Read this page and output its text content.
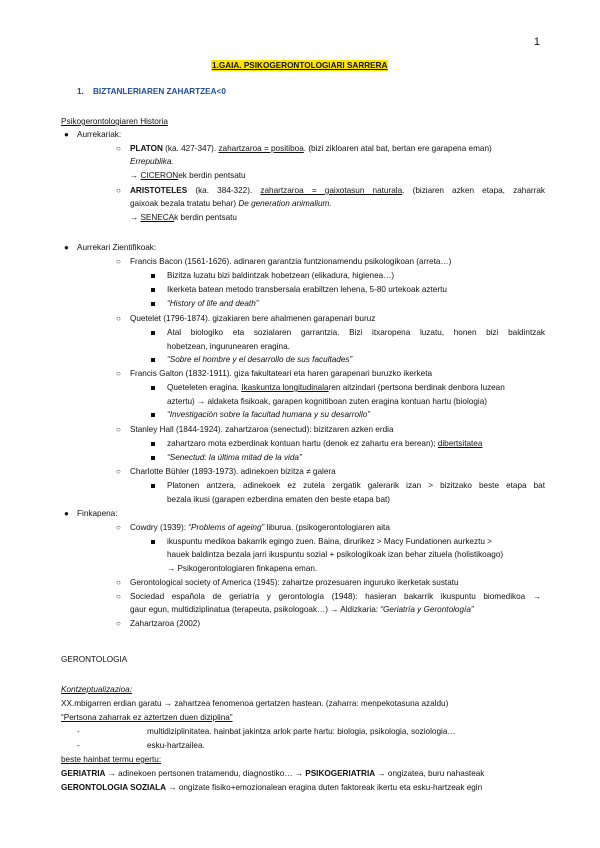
1
1.GAIA. PSIKOGERONTOLOGIARI SARRERA
1. BIZTANLERIAREN ZAHARTZEA<0
Psikogerontologiaren Historia
● Aurrekariak:
○ PLATON (ka. 427-347). zahartzaroa = positiboa. (bizi zikloaren atal bat, bertan ere garapena eman)
Errepublika.
→ CICERONek berdin pentsatu
○ ARISTOTELES (ka. 384-322). zahartzaroa = gaixotasun naturala. (biziaren azken etapa, zaharrak
gaixoak bezala tratatu behar) De generation animalium.
→ SENECAk berdin pentsatu
● Aurrekari Zientifikoak:
○ Francis Bacon (1561-1626). adinaren garantzia funtzionamendu psikologikoan (arreta…)
Bizitza luzatu bizi baldintzak hobetzean (elikadura, higienea…)
Ikerketa batean metodo transbersala erabiltzen lehena, 5-80 urtekoak aztertu
“History of life and death”
○ Quetelet (1796-1874). gizakiaren bere ahalmenen garapenari buruz
Atal biologiko eta sozialaren garrantzia. Bizi itxaropena luzatu, honen bizi baldintzak
hobetzean, ingurunearen eragina.
“Sobre el hombre y el desarrollo de sus facultades”
○ Francis Galton (1832-1911). giza fakultateari eta haren garapenari buruzko ikerketa
Queteleten eragina. Ikaskuntza longitudinalaren aitzindari (pertsona berdinak denbora luzean
aztertu) → aldaketa fisikoak, garapen kognitiboan zuten eragina kontuan hartu (biologia)
“Investigación sobre la facultad humana y su desarrollo”
○ Stanley Hall (1844-1924). zahartzaroa (senectud): bizitzaren azken erdia
zahartzaro mota ezberdinak kontuan hartu (denok ez zahartu era berean); dibertsitatea
“Senectud: la última mitad de la vida”
○ Charlotte Bühler (1893-1973). adinekoen bizitza ≠ galera
Platonen antzera, adinekoek ez zutela zergatik galerarik izan > bizitzako beste etapa bat
bezala ikusi (garapen ezberdina ematen den beste etapa bat)
● Finkapena:
○ Cowdry (1939): “Problems of ageing” liburua. (psikogerontologiaren aita
ikuspuntu medikoa bakarrik egingo zuen. Baina, dirurikez > Macy Fundationen aurkeztu >
hauek baldintza bezala jarri ikuspuntu sozial + psikologikoak izan behar zituela (holistikoago)
→ Psikogerontologiaren finkapena eman.
○ Gerontological society of America (1945): zahartze prozesuaren inguruko ikerketak sustatu
○ Sociedad española de geriatría y gerontología (1948): hasieran bakarrik ikuspuntu biomedikoa →
gaur egun, multidiziplinatua (terapeuta, psikologoak…) → Aldizkaria: “Geriatría y Gerontología”
○ Zahartzaroa (2002)
GERONTOLOGIA
Kontzeptualizazioa:
XX.mbigarren erdian garatu → zahartzea fenomenoa gertatzen hastean. (zaharra: menpekotasuna azaldu)
“Pertsona zaharrak ez aztertzen duen diziplina”
-	multidiziplinitatea. hainbat jakintza arlok parte hartu: biologia, psikologia, soziologia…
-	esku-hartzailea.
beste hainbat termu egertu:
GERIATRIA → adinekoen pertsonen tratamendu, diagnostiko… → PSIKOGERIATRIA → ongizatea, buru nahasteak
GERONTOLOGIA SOZIALA → ongizate fisiko+emozionalean eragina duten faktoreak ikertu eta esku-hartzeak egin
